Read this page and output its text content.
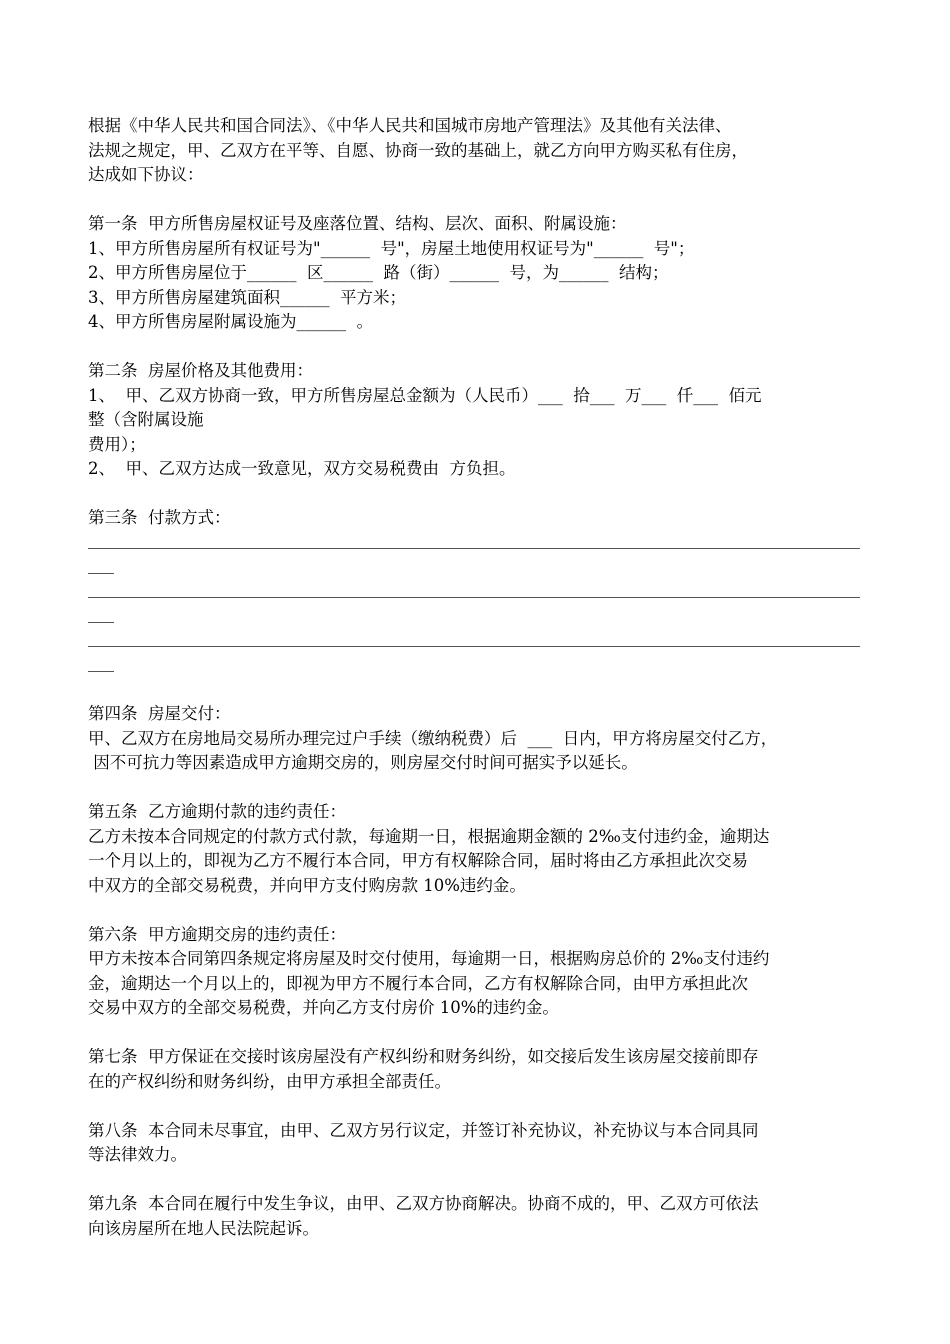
根据《中华人民共和国合同法》、《中华人民共和国城市房地产管理法》及其他有关法律、
法规之规定，甲、乙双方在平等、自愿、协商一致的基础上，就乙方向甲方购买私有住房，
达成如下协议：
第一条  甲方所售房屋权证号及座落位置、结构、层次、面积、附属设施：
1、甲方所售房屋所有权证号为"______  号"，房屋土地使用权证号为"______  号"；
2、甲方所售房屋位于______  区______  路（街）______  号，为______  结构；
3、甲方所售房屋建筑面积______  平方米；
4、甲方所售房屋附属设施为______  。
第二条  房屋价格及其他费用：
1、  甲、乙双方协商一致，甲方所售房屋总金额为（人民币）___  拾___  万___  仟___  佰元
整（含附属设施
费用）；
2、  甲、乙双方达成一致意见，双方交易税费由  方负担。
第三条  付款方式：
第四条  房屋交付：
甲、乙双方在房地局交易所办理完过户手续（缴纳税费）后  ___  日内，甲方将房屋交付乙方，
因不可抗力等因素造成甲方逾期交房的，则房屋交付时间可据实予以延长。
第五条  乙方逾期付款的违约责任：
乙方未按本合同规定的付款方式付款，每逾期一日，根据逾期金额的 2‰支付违约金，逾期达
一个月以上的，即视为乙方不履行本合同，甲方有权解除合同，届时将由乙方承担此次交易
中双方的全部交易税费，并向甲方支付购房款 10%违约金。
第六条  甲方逾期交房的违约责任：
甲方未按本合同第四条规定将房屋及时交付使用，每逾期一日，根据购房总价的 2‰支付违约
金，逾期达一个月以上的，即视为甲方不履行本合同，乙方有权解除合同，由甲方承担此次
交易中双方的全部交易税费，并向乙方支付房价 10%的违约金。
第七条  甲方保证在交接时该房屋没有产权纠纷和财务纠纷，如交接后发生该房屋交接前即存
在的产权纠纷和财务纠纷，由甲方承担全部责任。
第八条  本合同未尽事宜，由甲、乙双方另行议定，并签订补充协议，补充协议与本合同具同
等法律效力。
第九条  本合同在履行中发生争议，由甲、乙双方协商解决。协商不成的，甲、乙双方可依法
向该房屋所在地人民法院起诉。
